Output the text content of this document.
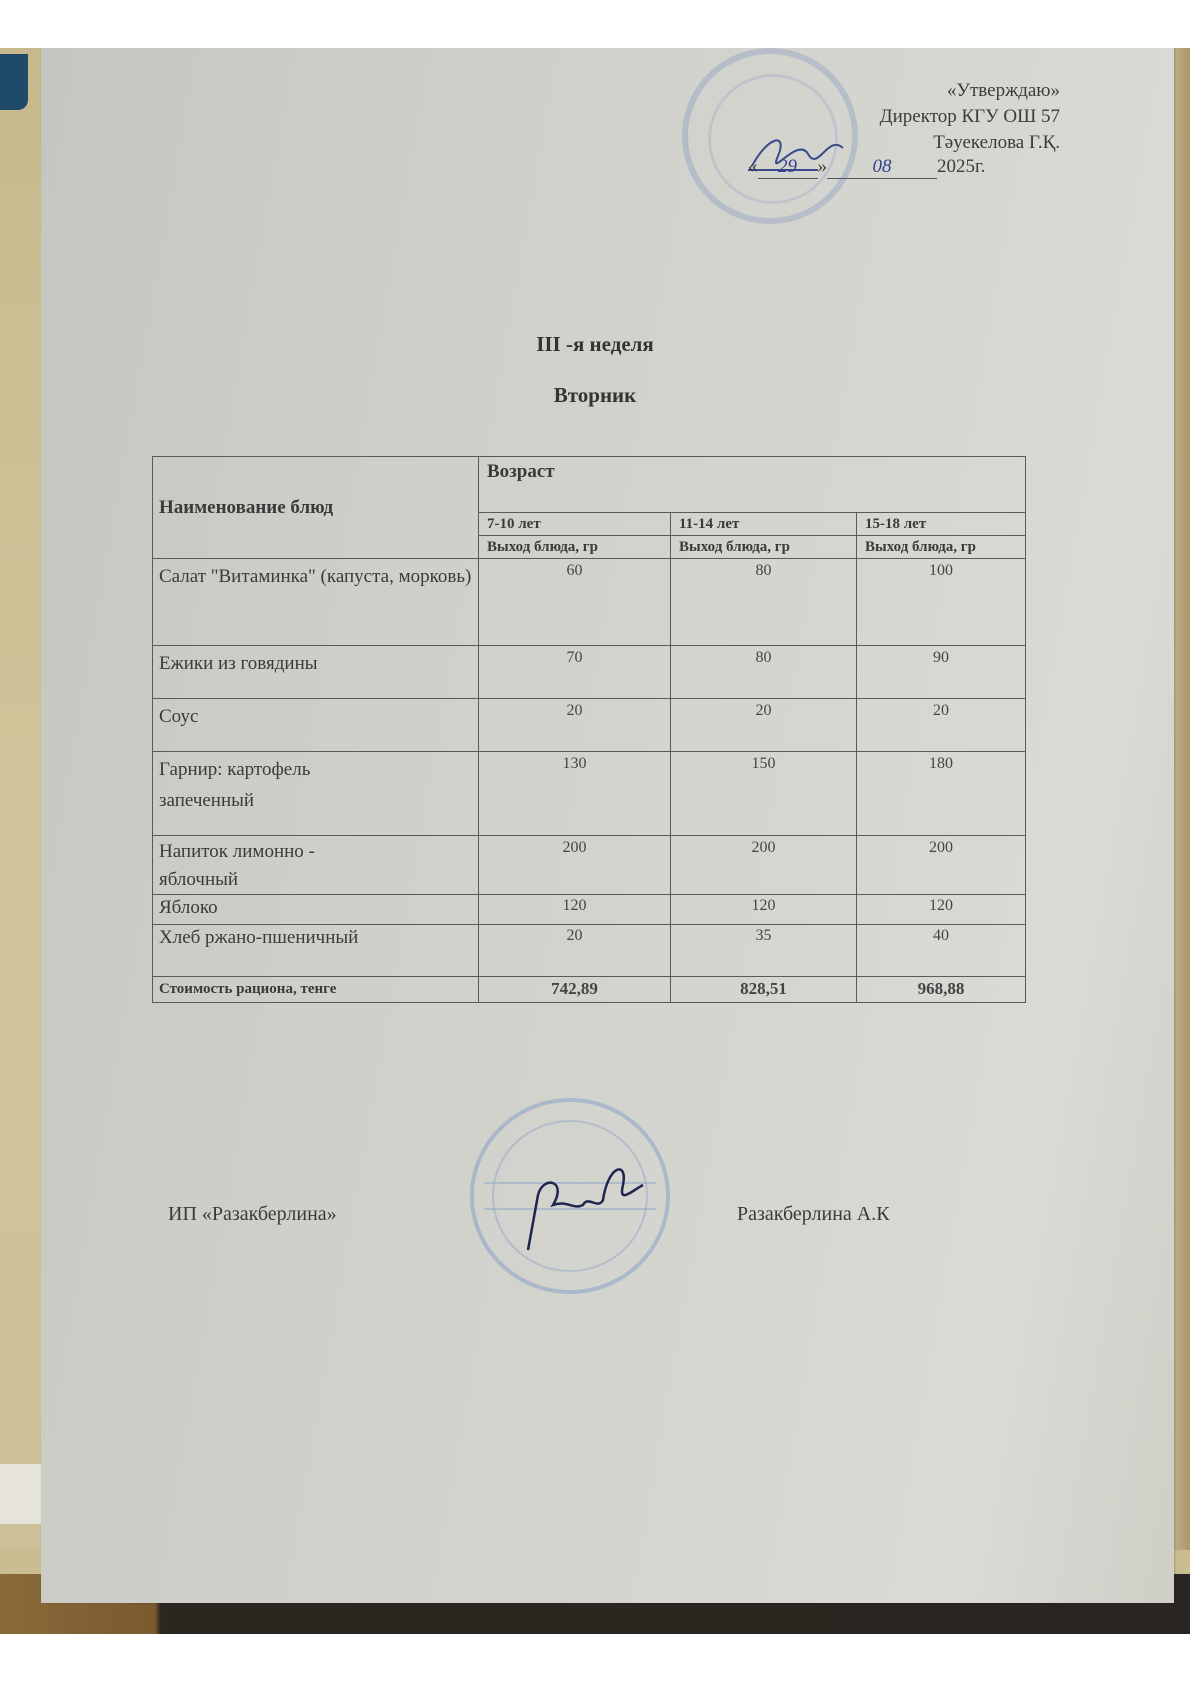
«Утверждаю»
Директор КГУ ОШ 57
Тәуекелова Г.Қ.
« 29 » 08 2025г.
III -я неделя
Вторник
Наименование блюд	Возраст		
	7-10 лет	11-14 лет	15-18 лет
	Выход блюда, гр	Выход блюда, гр	Выход блюда, гр
Салат "Витаминка" (капуста, морковь)	60	80	100
Ежики из говядины	70	80	90
Соус	20	20	20
Гарнир: картофель запеченный	130	150	180
Напиток лимонно - яблочный	200	200	200
Яблоко	120	120	120
Хлеб ржано-пшеничный	20	35	40
Стоимость рациона, тенге	742,89	828,51	968,88
ИП «Разакберлина»	Разакберлина А.К
